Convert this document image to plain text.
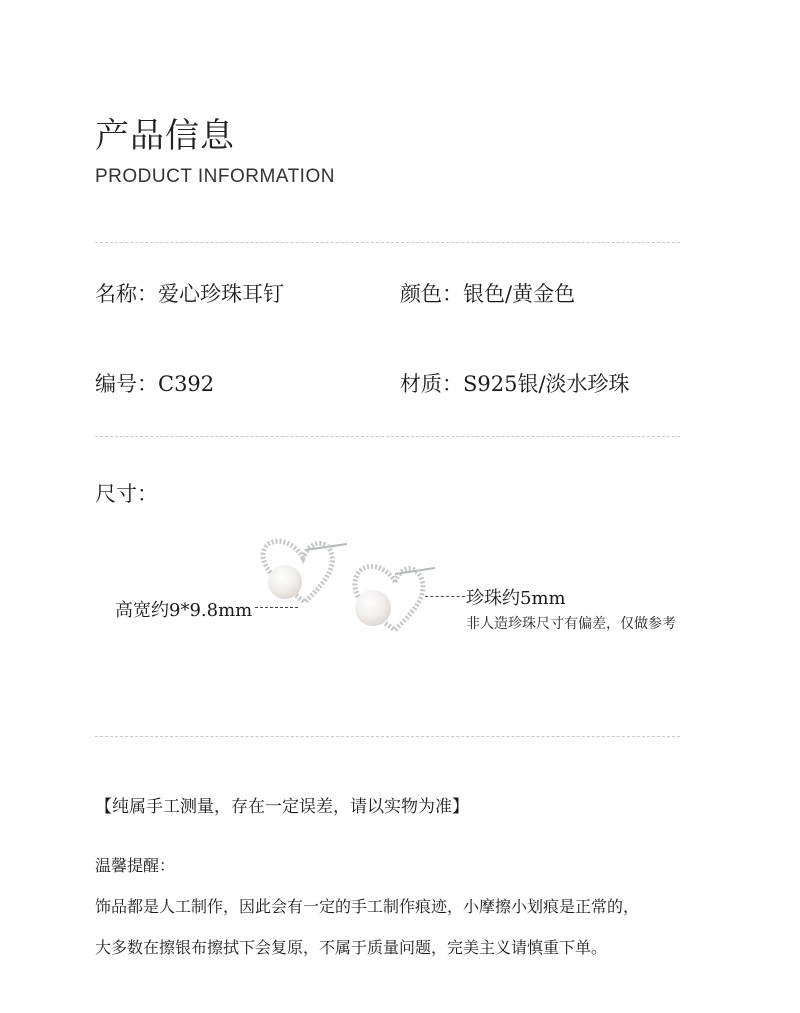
产品信息
PRODUCT INFORMATION
名称：爱心珍珠耳钉	颜色：银色/黄金色
编号：C392	材质：S925银/淡水珍珠
尺寸：
高宽约9*9.8mm
珍珠约5mm
非人造珍珠尺寸有偏差，仅做参考
【纯属手工测量，存在一定误差，请以实物为准】
温馨提醒：
饰品都是人工制作，因此会有一定的手工制作痕迹，小摩擦小划痕是正常的，
大多数在擦银布擦拭下会复原，不属于质量问题，完美主义请慎重下单。
